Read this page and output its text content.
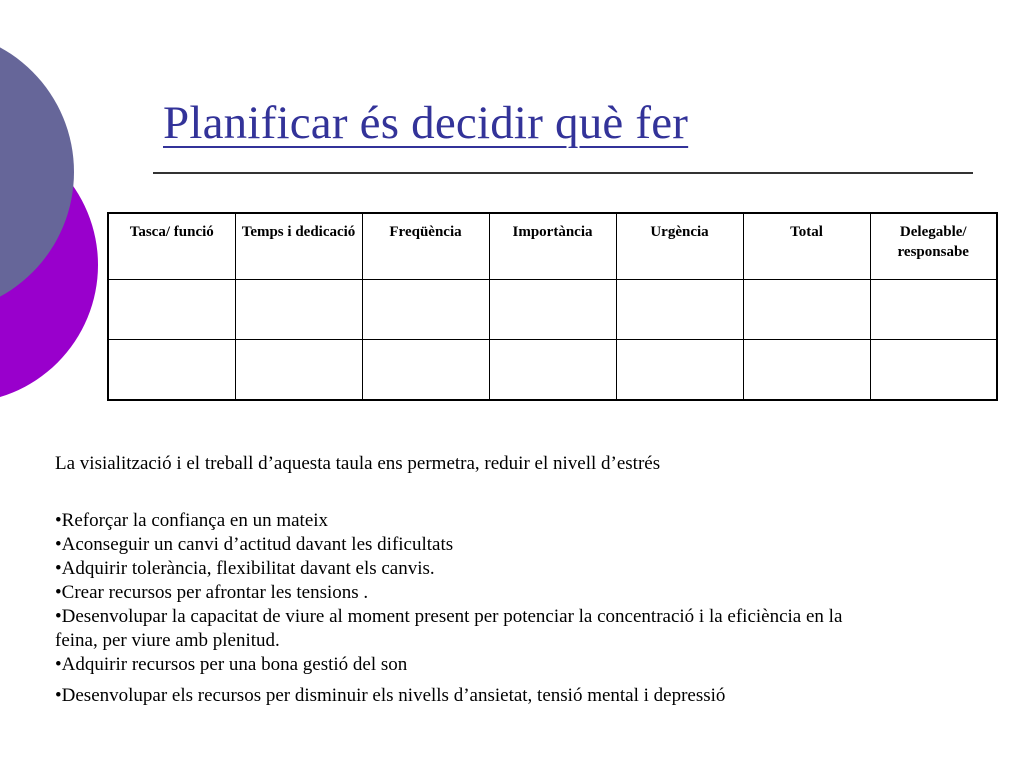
Planificar és decidir què fer
Tasca/ funció	Temps i dedicació	Freqüència	Importància	Urgència	Total	Delegable/ responsabe

La visialització i el treball d’aquesta taula ens permetra, reduir el nivell d’estrés

•Reforçar la confiança en un mateix
•Aconseguir un canvi d’actitud davant les dificultats
•Adquirir tolerància, flexibilitat davant els canvis.
•Crear recursos per afrontar les tensions .
•Desenvolupar la capacitat de viure al moment present per potenciar la concentració i la eficiència en la feina, per viure amb plenitud.
•Adquirir recursos per una bona gestió del son
•Desenvolupar els recursos per disminuir els nivells d’ansietat, tensió mental i depressió
